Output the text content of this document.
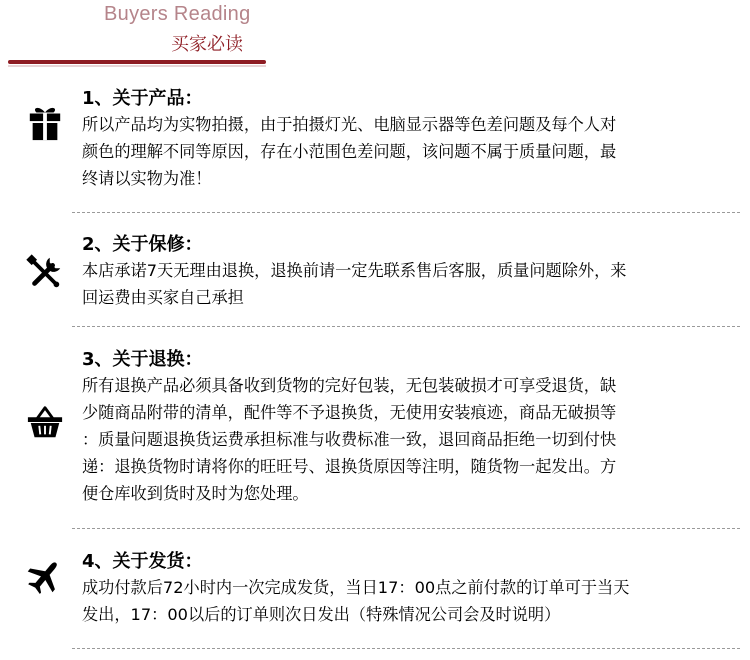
Buyers Reading
买家必读
1、关于产品：
所以产品均为实物拍摄，由于拍摄灯光、电脑显示器等色差问题及每个人对
颜色的理解不同等原因，存在小范围色差问题，该问题不属于质量问题，最
终请以实物为准！
2、关于保修：
本店承诺7天无理由退换，退换前请一定先联系售后客服，质量问题除外，来
回运费由买家自己承担
3、关于退换：
所有退换产品必须具备收到货物的完好包装，无包装破损才可享受退货，缺
少随商品附带的清单，配件等不予退换货，无使用安装痕迹，商品无破损等
：质量问题退换货运费承担标准与收费标准一致，退回商品拒绝一切到付快
递：退换货物时请将你的旺旺号、退换货原因等注明，随货物一起发出。方
便仓库收到货时及时为您处理。
4、关于发货：
成功付款后72小时内一次完成发货，当日17：00点之前付款的订单可于当天
发出，17：00以后的订单则次日发出（特殊情况公司会及时说明）
